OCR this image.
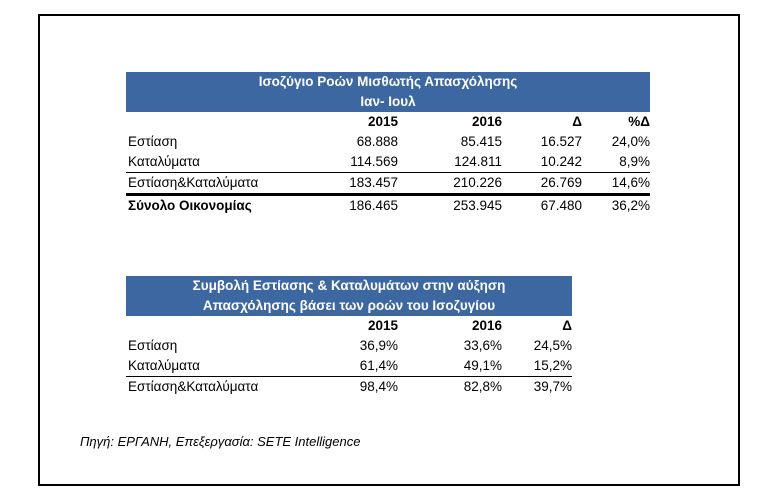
Ισοζύγιο Ροών Μισθωτής Απασχόλησης
Ιαν- Ιουλ				

	2015	2016	Δ	%Δ
Εστίαση	68.888	85.415	16.527	24,0%
Καταλύματα	114.569	124.811	10.242	8,9%
Εστίαση&Καταλύματα	183.457	210.226	26.769	14,6%
Σύνολο Οικονομίας	186.465	253.945	67.480	36,2%
Συμβολή Εστίασης & Καταλυμάτων στην αύξηση
Απασχόλησης βάσει των ροών του Ισοζυγίου			

	2015	2016	Δ
Εστίαση	36,9%	33,6%	24,5%
Καταλύματα	61,4%	49,1%	15,2%
Εστίαση&Καταλύματα	98,4%	82,8%	39,7%
Πηγή: ΕΡΓΑΝΗ, Επεξεργασία: SETE Intelligence
